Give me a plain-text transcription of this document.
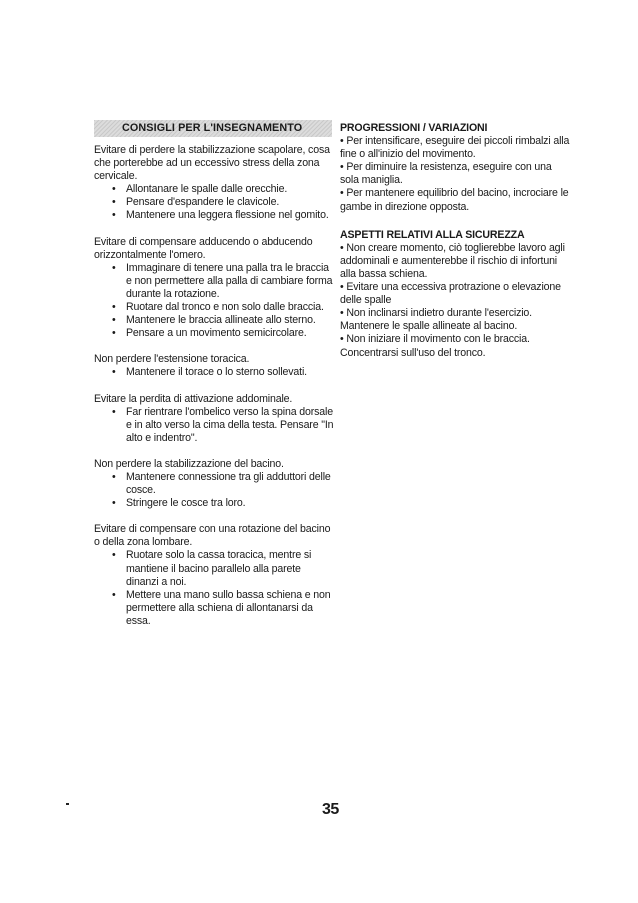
CONSIGLI PER L'INSEGNAMENTO
Evitare di perdere la stabilizzazione scapolare, cosa che porterebbe ad un eccessivo stress della zona cervicale.
• Allontanare le spalle dalle orecchie.
• Pensare d'espandere le clavicole.
• Mantenere una leggera flessione nel gomito.
Evitare di compensare adducendo o abducendo orizzontalmente l'omero.
• Immaginare di tenere una palla tra le braccia e non permettere alla palla di cambiare forma durante la rotazione.
• Ruotare dal tronco e non solo dalle braccia.
• Mantenere le braccia allineate allo sterno.
• Pensare a un movimento semicircolare.
Non perdere l'estensione toracica.
• Mantenere il torace o lo sterno sollevati.
Evitare la perdita di attivazione addominale.
• Far rientrare l'ombelico verso la spina dorsale e in alto verso la cima della testa. Pensare "In alto e indentro".
Non perdere la stabilizzazione del bacino.
• Mantenere connessione tra gli adduttori delle cosce.
• Stringere le cosce tra loro.
Evitare di compensare con una rotazione del bacino o della zona lombare.
• Ruotare solo la cassa toracica, mentre si mantiene il bacino parallelo alla parete dinanzi a noi.
• Mettere una mano sullo bassa schiena e non permettere alla schiena di allontanarsi da essa.
PROGRESSIONI / VARIAZIONI

• Per intensificare, eseguire dei piccoli rimbalzi alla fine o all'inizio del movimento.

• Per diminuire la resistenza, eseguire con una sola maniglia.

• Per mantenere equilibrio del bacino, incrociare le gambe in direzione opposta.

ASPETTI RELATIVI ALLA SICUREZZA

• Non creare momento, ciò toglierebbe lavoro agli addominali e aumenterebbe il rischio di infortuni alla bassa schiena.

• Evitare una eccessiva protrazione o elevazione delle spalle

• Non inclinarsi indietro durante l'esercizio. Mantenere le spalle allineate al bacino.

• Non iniziare il movimento con le braccia. Concentrarsi sull'uso del tronco.

35
